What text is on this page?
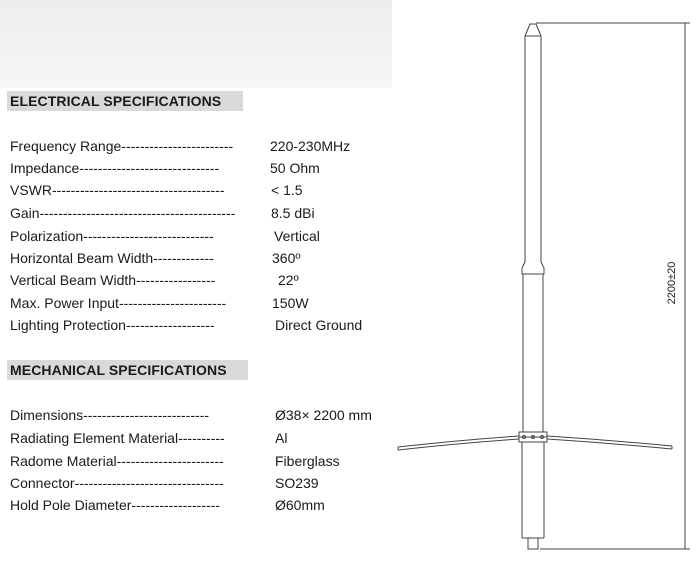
ELECTRICAL SPECIFICATIONS
Frequency Range------------------------	220-230MHz
Impedance------------------------------	50 Ohm
VSWR-------------------------------------	< 1.5
Gain------------------------------------------	8.5 dBi
Polarization----------------------------	Vertical
Horizontal Beam Width-------------	360º
Vertical Beam Width-----------------	22º
Max. Power Input-----------------------	150W
Lighting Protection-------------------	Direct Ground
MECHANICAL SPECIFICATIONS
Dimensions---------------------------	Ø38× 2200 mm
Radiating Element Material----------	Al
Radome Material-----------------------	Fiberglass
Connector--------------------------------	SO239
Hold Pole Diameter-------------------	Ø60mm
2200±20
